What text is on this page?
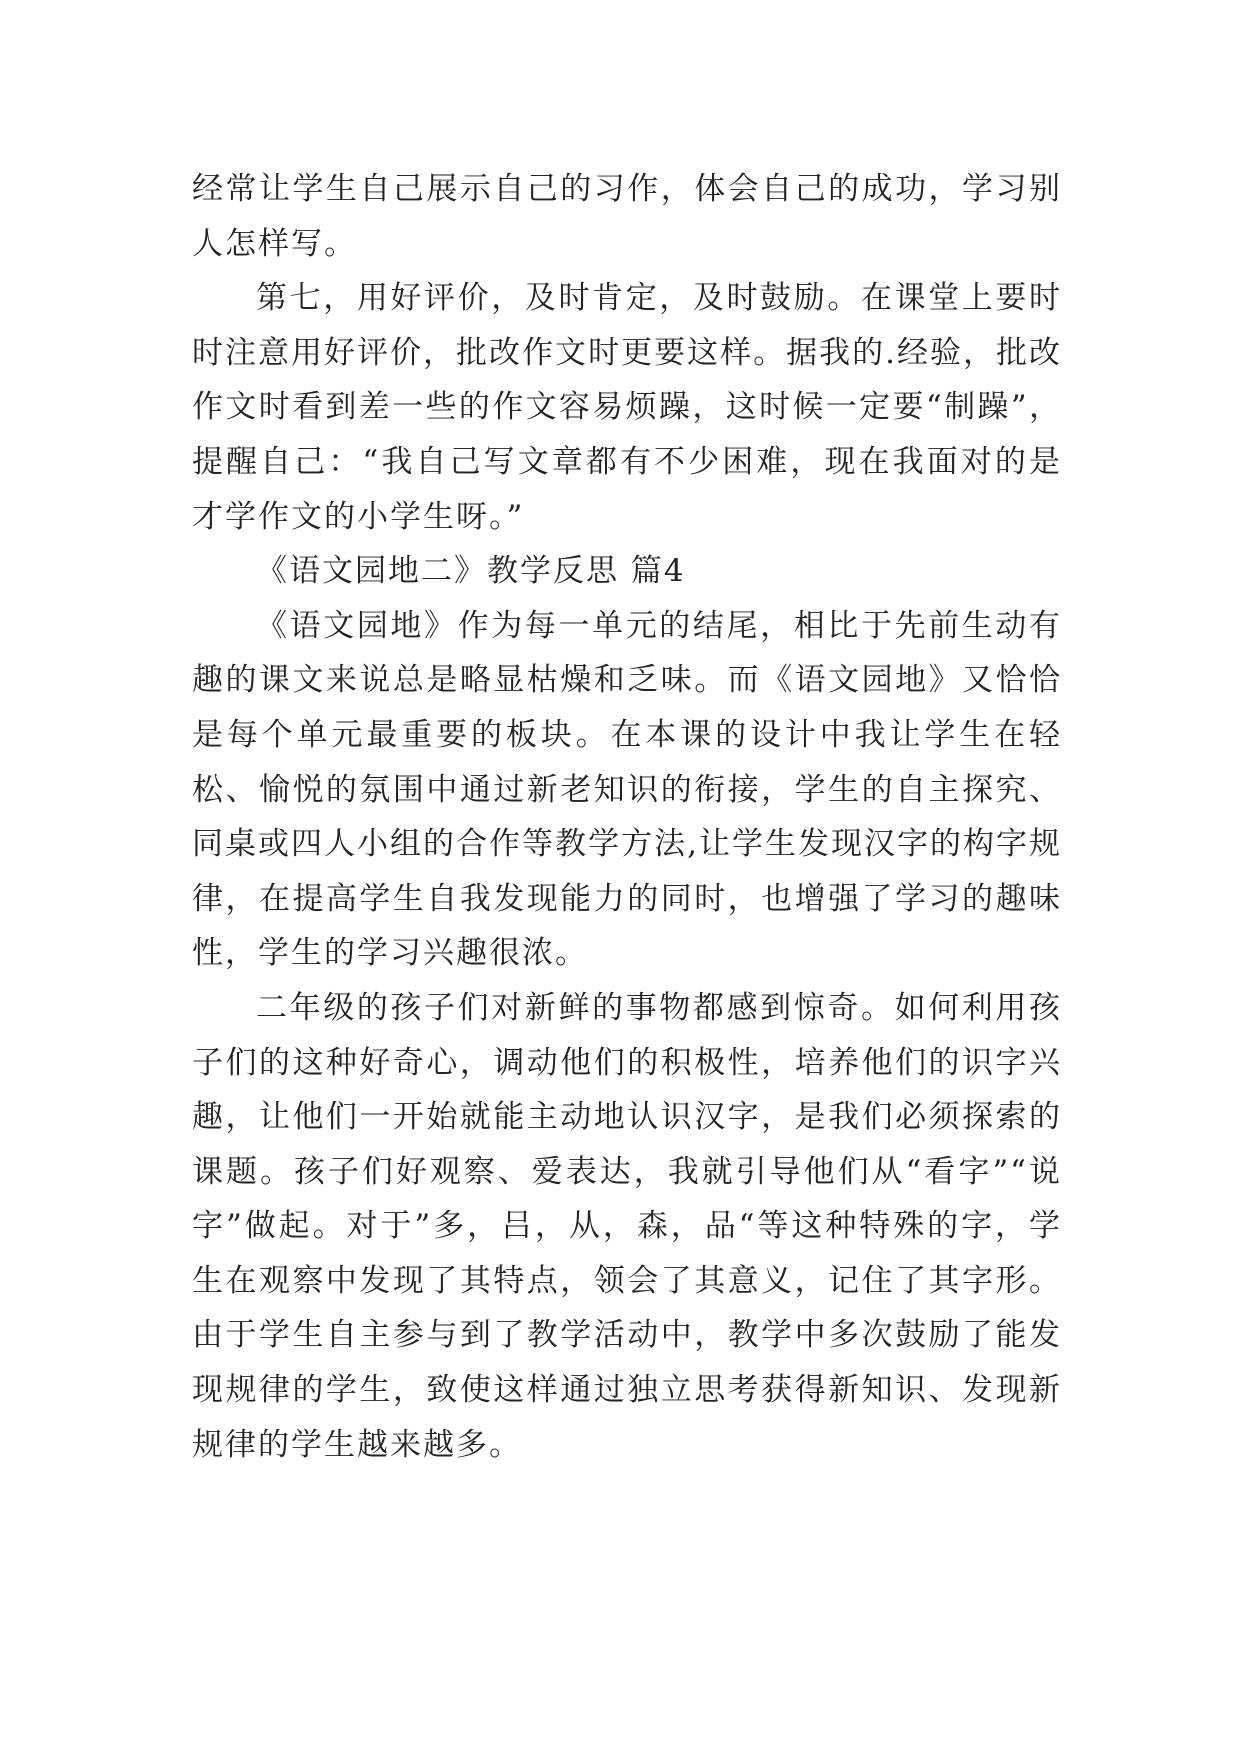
经常让学生自己展示自己的习作，体会自己的成功，学习别人怎样写。

第七，用好评价，及时肯定，及时鼓励。在课堂上要时时注意用好评价，批改作文时更要这样。据我的.经验，批改作文时看到差一些的作文容易烦躁，这时候一定要“制躁”，提醒自己：“我自己写文章都有不少困难，现在我面对的是才学作文的小学生呀。”

《语文园地二》教学反思 篇4

《语文园地》作为每一单元的结尾，相比于先前生动有趣的课文来说总是略显枯燥和乏味。而《语文园地》又恰恰是每个单元最重要的板块。在本课的设计中我让学生在轻松、愉悦的氛围中通过新老知识的衔接，学生的自主探究、同桌或四人小组的合作等教学方法,让学生发现汉字的构字规律，在提高学生自我发现能力的同时，也增强了学习的趣味性，学生的学习兴趣很浓。

二年级的孩子们对新鲜的事物都感到惊奇。如何利用孩子们的这种好奇心，调动他们的积极性，培养他们的识字兴趣，让他们一开始就能主动地认识汉字，是我们必须探索的课题。孩子们好观察、爱表达，我就引导他们从“看字”“说字”做起。对于”多，吕，从，森，品“等这种特殊的字，学生在观察中发现了其特点，领会了其意义，记住了其字形。由于学生自主参与到了教学活动中，教学中多次鼓励了能发现规律的学生，致使这样通过独立思考获得新知识、发现新规律的学生越来越多。
